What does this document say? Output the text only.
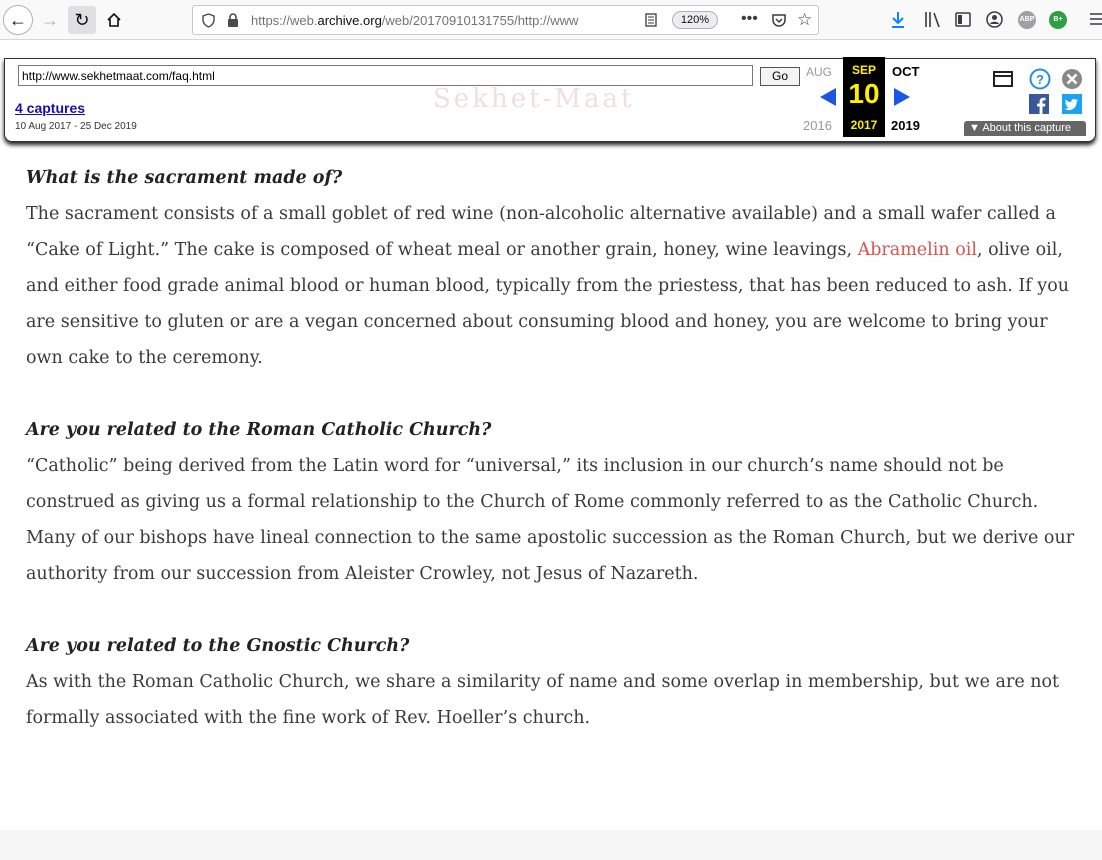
← → ↻	https://web.archive.org/web/20170910131755/http://www	120%	••• ☆	ABP	B+
http://www.sekhetmaat.com/faq.html
Go
4 captures
10 Aug 2017 - 25 Dec 2019
Sekhet-Maat
AUG
2016
SEP
10
2017
OCT
2019
?
▼ About this capture
What is the sacrament made of?
The sacrament consists of a small goblet of red wine (non-alcoholic alternative available) and a small wafer called a “Cake of Light.” The cake is composed of wheat meal or another grain, honey, wine leavings, Abramelin oil, olive oil, and either food grade animal blood or human blood, typically from the priestess, that has been reduced to ash. If you are sensitive to gluten or are a vegan concerned about consuming blood and honey, you are welcome to bring your own cake to the ceremony.
Are you related to the Roman Catholic Church?
“Catholic” being derived from the Latin word for “universal,” its inclusion in our church’s name should not be construed as giving us a formal relationship to the Church of Rome commonly referred to as the Catholic Church. Many of our bishops have lineal connection to the same apostolic succession as the Roman Church, but we derive our authority from our succession from Aleister Crowley, not Jesus of Nazareth.
Are you related to the Gnostic Church?
As with the Roman Catholic Church, we share a similarity of name and some overlap in membership, but we are not formally associated with the fine work of Rev. Hoeller’s church.
